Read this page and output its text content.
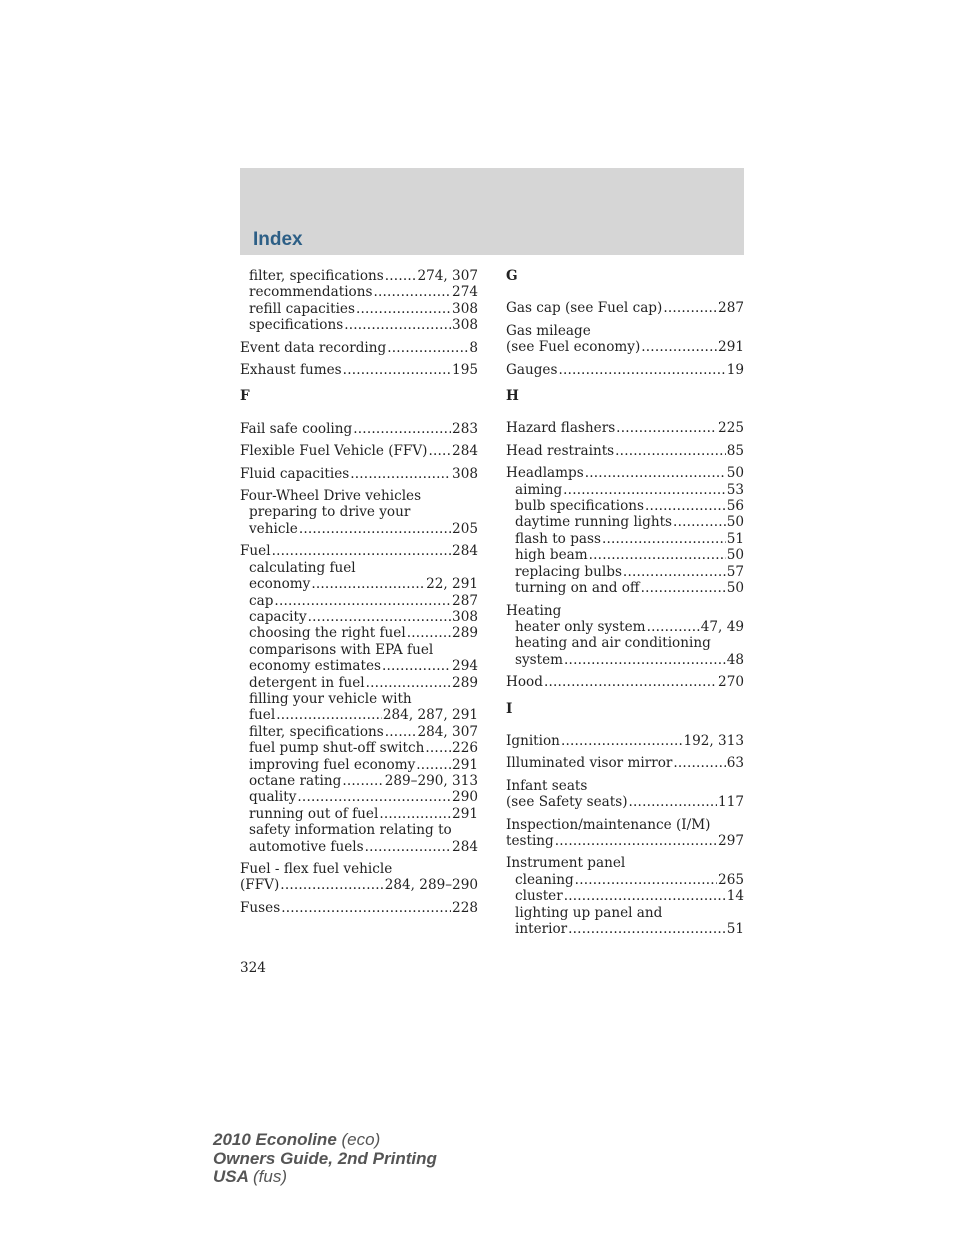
Index
filter, specifications ..... 274, 307
recommendations .....	274
refill capacities .....	308
specifications .....	308
Event data recording .....	8
Exhaust fumes .....	195
F
Fail safe cooling .....	283
Flexible Fuel Vehicle (FFV) ..... 284
Fluid capacities .....	308
Four-Wheel Drive vehicles
preparing to drive your
vehicle .....	205
Fuel .....	284
calculating fuel
economy .....	22, 291
cap .....	287
capacity .....	308
choosing the right fuel .....	289
comparisons with EPA fuel
economy estimates .....	294
detergent in fuel .....	289
filling your vehicle with
fuel .....	284, 287, 291
filter, specifications ..... 284, 307
fuel pump shut-off switch ..... 226
improving fuel economy .....	291
octane rating .....	289–290, 313
quality .....	290
running out of fuel .....	291
safety information relating to
automotive fuels .....	284
Fuel - flex fuel vehicle
(FFV) .....	284, 289–290
Fuses .....	228
G
Gas cap (see Fuel cap) .....	287
Gas mileage
(see Fuel economy) .....	291
Gauges .....	19
H
Hazard flashers .....	225
Head restraints .....	85
Headlamps .....	50
aiming .....	53
bulb specifications .....	56
daytime running lights .....	50
flash to pass .....	51
high beam .....	50
replacing bulbs .....	57
turning on and off .....	50
Heating
heater only system .....	47, 49
heating and air conditioning
system .....	48
Hood .....	270
I
Ignition .....	192, 313
Illuminated visor mirror .....	63
Infant seats
(see Safety seats) .....	117
Inspection/maintenance (I/M)
testing .....	297
Instrument panel
cleaning .....	265
cluster .....	14
lighting up panel and
interior .....	51
324
2010 Econoline (eco)
Owners Guide, 2nd Printing
USA (fus)
